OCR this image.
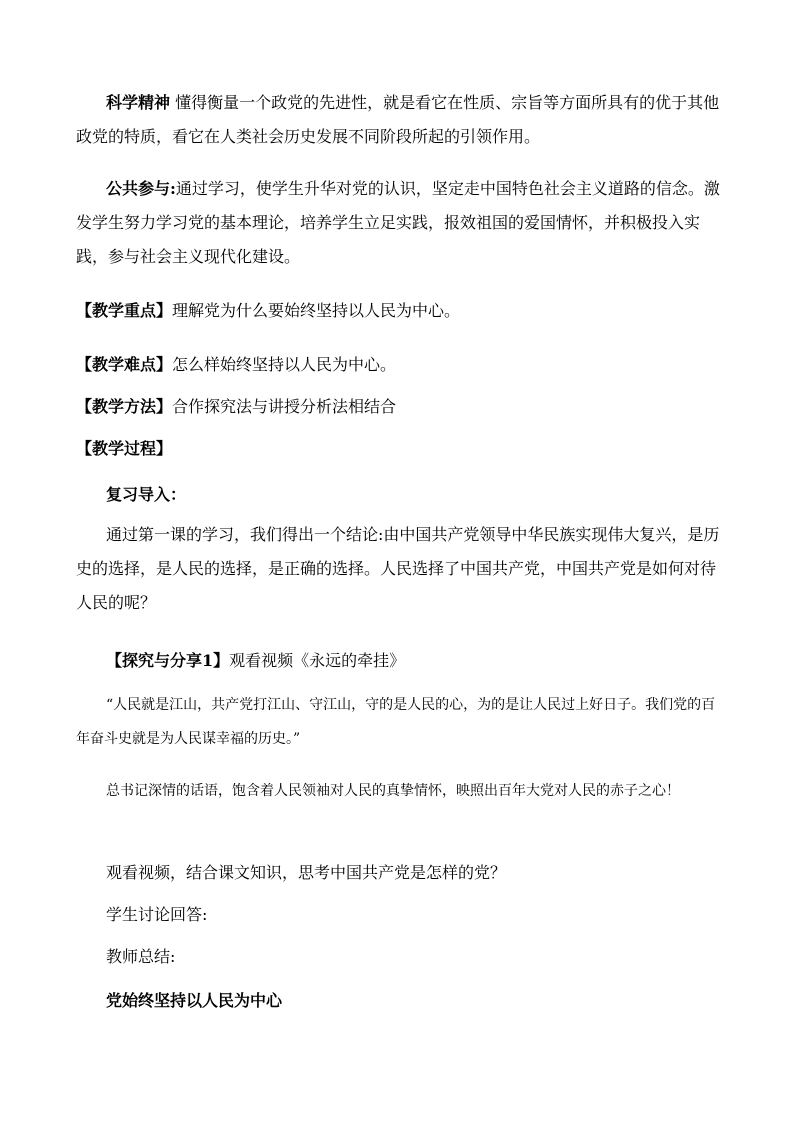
科学精神 懂得衡量一个政党的先进性，就是看它在性质、宗旨等方面所具有的优于其他政党的特质，看它在人类社会历史发展不同阶段所起的引领作用。

公共参与:通过学习，使学生升华对党的认识，坚定走中国特色社会主义道路的信念。激发学生努力学习党的基本理论，培养学生立足实践，报效祖国的爱国情怀，并积极投入实践，参与社会主义现代化建设。

【教学重点】理解党为什么要始终坚持以人民为中心。

【教学难点】怎么样始终坚持以人民为中心。

【教学方法】合作探究法与讲授分析法相结合

【教学过程】

复习导入：

通过第一课的学习，我们得出一个结论:由中国共产党领导中华民族实现伟大复兴，是历史的选择，是人民的选择，是正确的选择。人民选择了中国共产党，中国共产党是如何对待人民的呢？

【探究与分享1】观看视频《永远的牵挂》

“人民就是江山，共产党打江山、守江山，守的是人民的心，为的是让人民过上好日子。我们党的百年奋斗史就是为人民谋幸福的历史。”

总书记深情的话语，饱含着人民领袖对人民的真挚情怀，映照出百年大党对人民的赤子之心！

观看视频，结合课文知识，思考中国共产党是怎样的党？

学生讨论回答:

教师总结:

党始终坚持以人民为中心
